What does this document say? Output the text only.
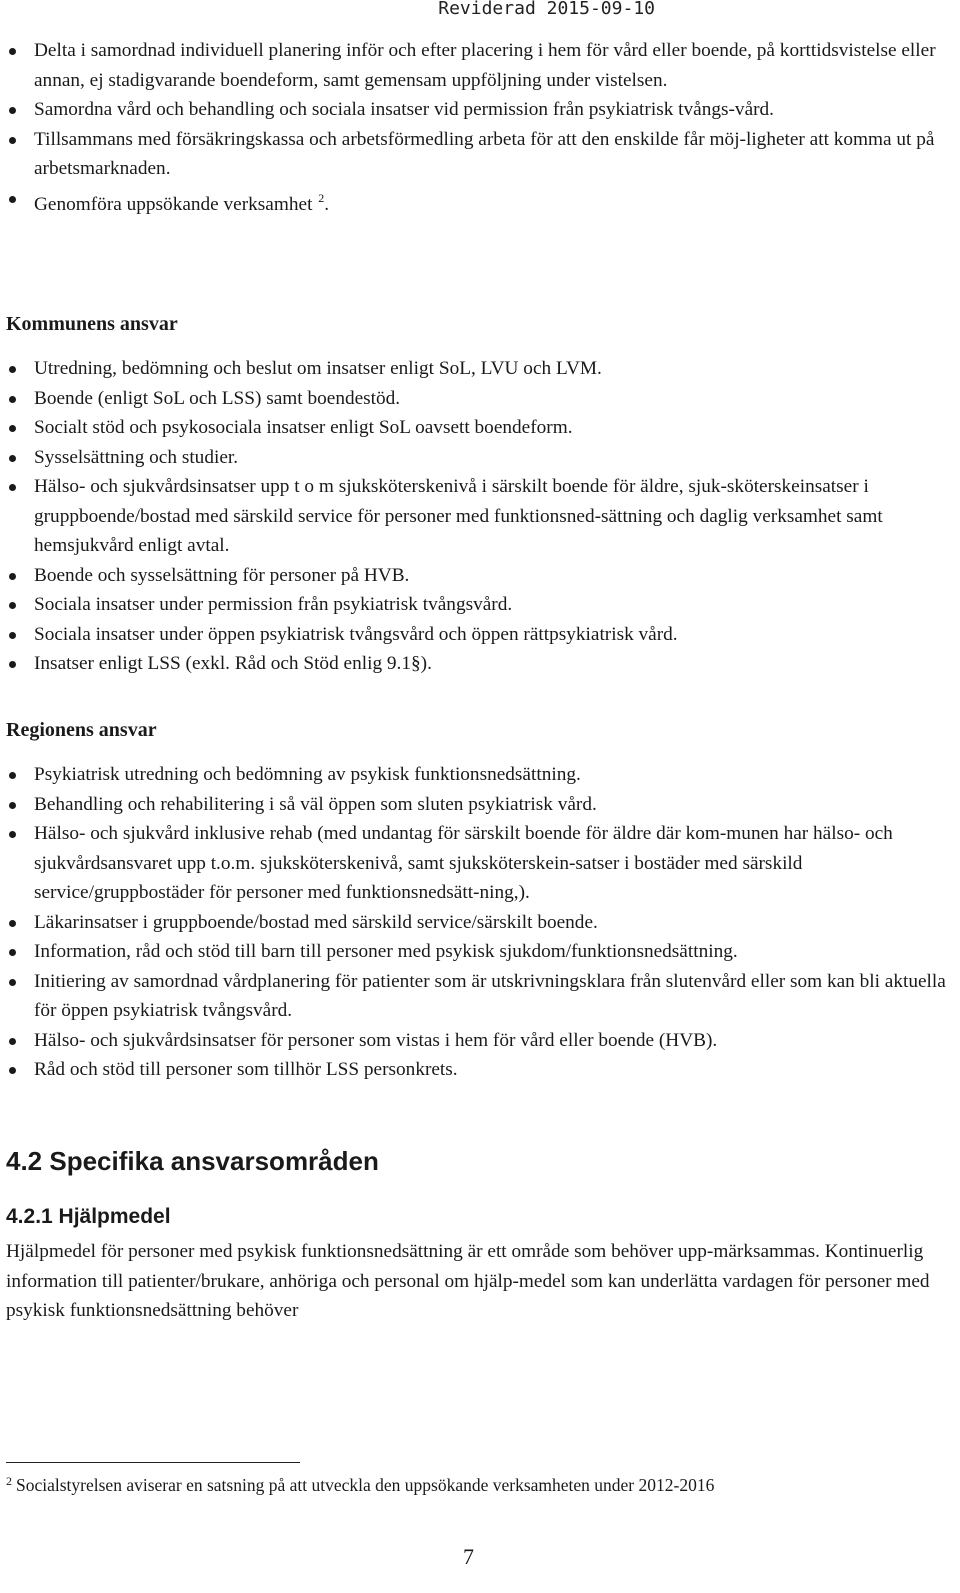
Reviderad 2015-09-10
Delta i samordnad individuell planering inför och efter placering i hem för vård eller boende, på korttidsvistelse eller annan, ej stadigvarande boendeform, samt gemensam uppföljning under vistelsen.
Samordna vård och behandling och sociala insatser vid permission från psykiatrisk tvångs-vård.
Tillsammans med försäkringskassa och arbetsförmedling arbeta för att den enskilde får möj-ligheter att komma ut på arbetsmarknaden.
Genomföra uppsökande verksamhet $^2$.
Kommunens ansvar
Utredning, bedömning och beslut om insatser enligt SoL, LVU och LVM.
Boende (enligt SoL och LSS) samt boendestöd.
Socialt stöd och psykosociala insatser enligt SoL oavsett boendeform.
Sysselsättning och studier.
Hälso- och sjukvårdsinsatser upp t o m sjuksköterskenivå i särskilt boende för äldre, sjuk-sköterskeinsatser i gruppboende/bostad med särskild service för personer med funktionsned-sättning och daglig verksamhet samt hemsjukvård enligt avtal.
Boende och sysselsättning för personer på HVB.
Sociala insatser under permission från psykiatrisk tvångsvård.
Sociala insatser under öppen psykiatrisk tvångsvård och öppen rättpsykiatrisk vård.
Insatser enligt LSS (exkl. Råd och Stöd enlig 9.1§).
Regionens ansvar
Psykiatrisk utredning och bedömning av psykisk funktionsnedsättning.
Behandling och rehabilitering i så väl öppen som sluten psykiatrisk vård.
Hälso- och sjukvård inklusive rehab (med undantag för särskilt boende för äldre där kom-munen har hälso- och sjukvårdsansvaret upp t.o.m. sjuksköterskenivå, samt sjuksköterskein-satser i bostäder med särskild service/gruppbostäder för personer med funktionsnedsätt-ning,).
Läkarinsatser i gruppboende/bostad med särskild service/särskilt boende.
Information, råd och stöd till barn till personer med psykisk sjukdom/funktionsnedsättning.
Initiering av samordnad vårdplanering för patienter som är utskrivningsklara från slutenvård eller som kan bli aktuella för öppen psykiatrisk tvångsvård.
Hälso- och sjukvårdsinsatser för personer som vistas i hem för vård eller boende (HVB).
Råd och stöd till personer som tillhör LSS personkrets.
4.2 Specifika ansvarsområden
4.2.1 Hjälpmedel

Hjälpmedel för personer med psykisk funktionsnedsättning är ett område som behöver upp-märksammas. Kontinuerlig information till patienter/brukare, anhöriga och personal om hjälp-medel som kan underlätta vardagen för personer med psykisk funktionsnedsättning behöver

$^2$ Socialstyrelsen aviserar en satsning på att utveckla den uppsökande verksamheten under 2012-2016
7
